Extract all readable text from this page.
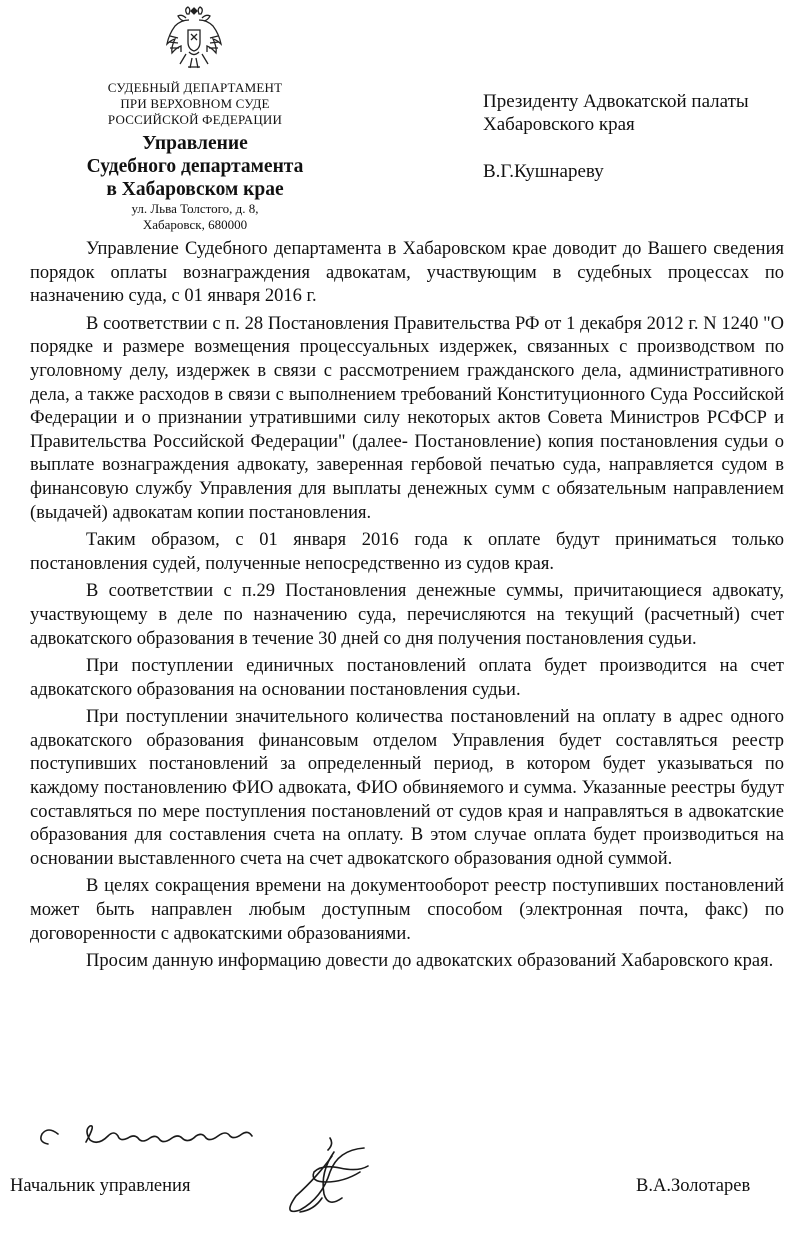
СУДЕБНЫЙ ДЕПАРТАМЕНТ
ПРИ ВЕРХОВНОМ СУДЕ
РОССИЙСКОЙ ФЕДЕРАЦИИ
Управление
Судебного департамента
в Хабаровском крае
ул. Льва Толстого, д. 8,
Хабаровск, 680000
Президенту Адвокатской палаты
Хабаровского края
В.Г.Кушнареву

Управление Судебного департамента в Хабаровском крае доводит до Вашего сведения порядок оплаты вознаграждения адвокатам, участвующим в судебных процессах по назначению суда, с 01 января 2016 г.

В соответствии с п. 28 Постановления Правительства РФ от 1 декабря 2012 г. N 1240 "О порядке и размере возмещения процессуальных издержек, связанных с производством по уголовному делу, издержек в связи с рассмотрением гражданского дела, административного дела, а также расходов в связи с выполнением требований Конституционного Суда Российской Федерации и о признании утратившими силу некоторых актов Совета Министров РСФСР и Правительства Российской Федерации" (далее- Постановление) копия постановления судьи о выплате вознаграждения адвокату, заверенная гербовой печатью суда, направляется судом в финансовую службу Управления для выплаты денежных сумм с обязательным направлением (выдачей) адвокатам копии постановления.

Таким образом, с 01 января 2016 года к оплате будут приниматься только постановления судей, полученные непосредственно из судов края.

В соответствии с п.29 Постановления денежные суммы, причитающиеся адвокату, участвующему в деле по назначению суда, перечисляются на текущий (расчетный) счет адвокатского образования в течение 30 дней со дня получения постановления судьи.

При поступлении единичных постановлений оплата будет производится на счет адвокатского образования на основании постановления судьи.

При поступлении значительного количества постановлений на оплату в адрес одного адвокатского образования финансовым отделом Управления будет составляться реестр поступивших постановлений за определенный период, в котором будет указываться по каждому постановлению ФИО адвоката, ФИО обвиняемого и сумма. Указанные реестры будут составляться по мере поступления постановлений от судов края и направляться в адвокатские образования для составления счета на оплату. В этом случае оплата будет производиться на основании выставленного счета на счет адвокатского образования одной суммой.

В целях сокращения времени на документооборот реестр поступивших постановлений может быть направлен любым доступным способом (электронная почта, факс) по договоренности с адвокатскими образованиями.

Просим данную информацию довести до адвокатских образований Хабаровского края.

Начальник управления	В.А.Золотарев
